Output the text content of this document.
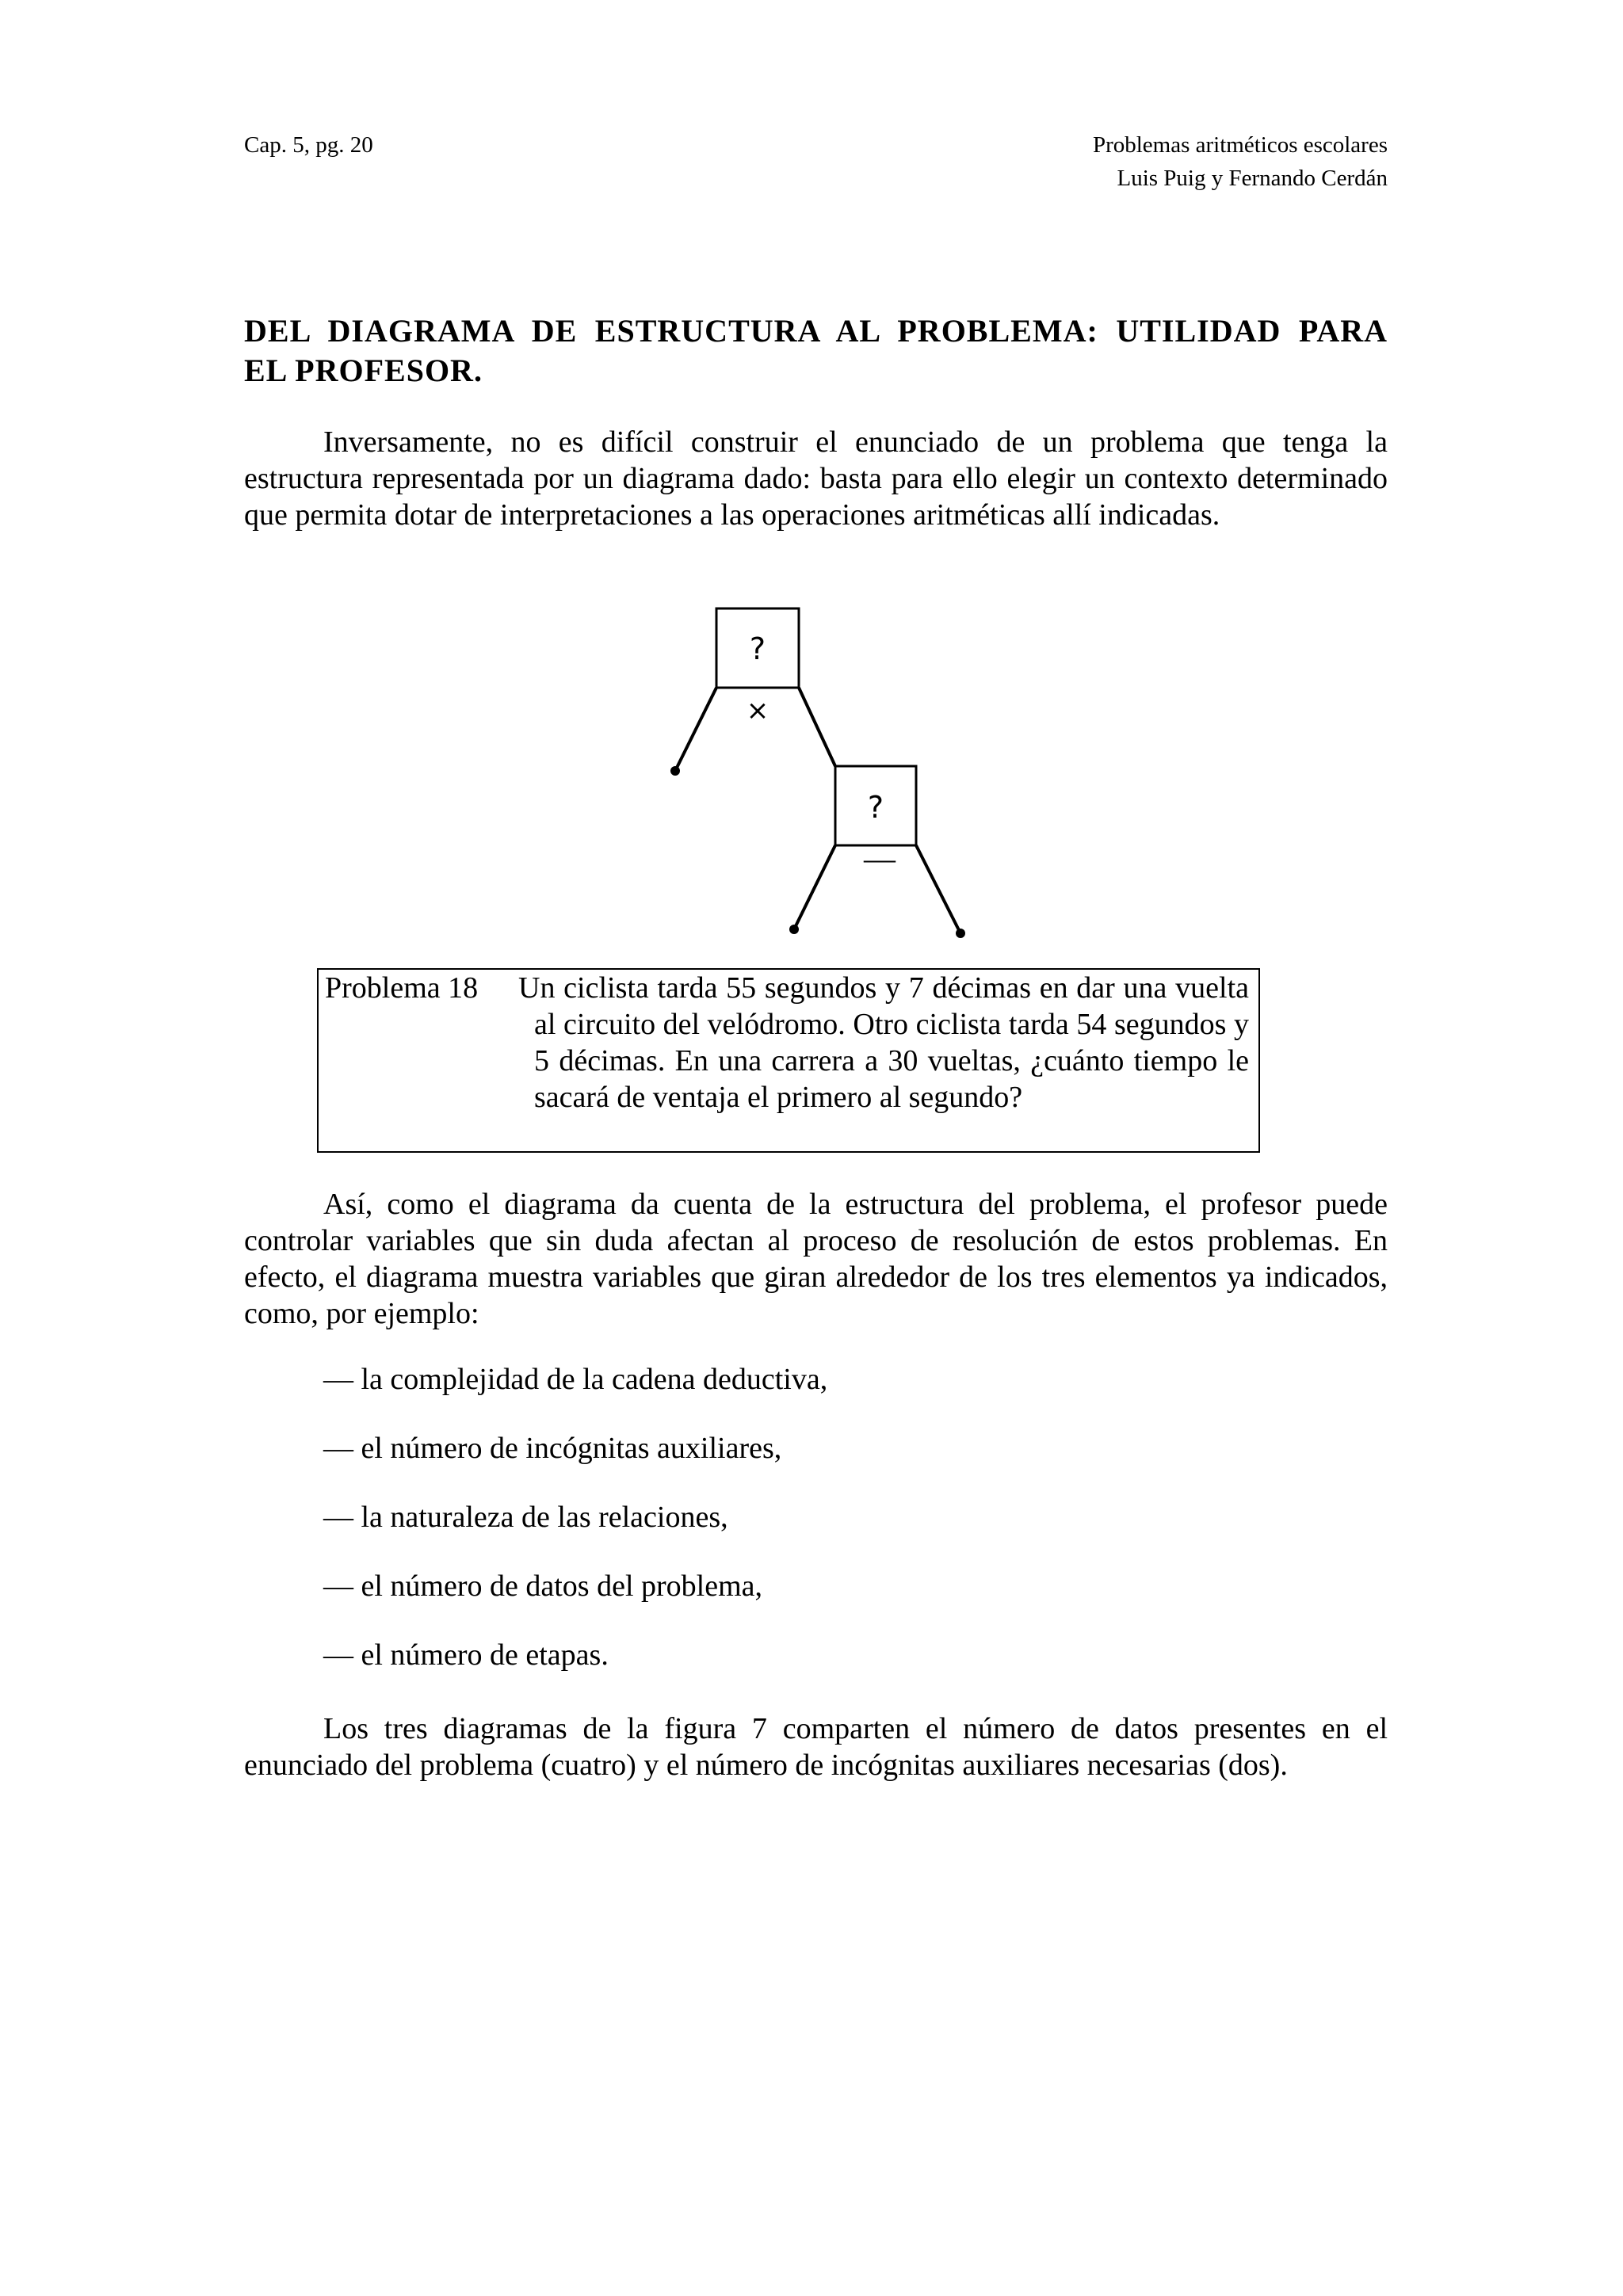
Cap. 5, pg. 20	Problemas aritméticos escolares
Luis Puig y Fernando Cerdán
DEL DIAGRAMA DE ESTRUCTURA AL PROBLEMA: UTILIDAD PARA
EL PROFESOR.

Inversamente, no es difícil construir el enunciado de un problema que tenga la estructura representada por un diagrama dado: basta para ello elegir un contexto determinado que permita dotar de interpretaciones a las operaciones aritméticas allí indicadas.

?
×
?
—
Problema 18 Un ciclista tarda 55 segundos y 7 décimas en dar una vuelta al circuito del velódromo. Otro ciclista tarda 54 segundos y 5 décimas. En una carrera a 30 vueltas, ¿cuánto tiempo le sacará de ventaja el primero al segundo?

Así, como el diagrama da cuenta de la estructura del problema, el profesor puede controlar variables que sin duda afectan al proceso de resolución de estos problemas. En efecto, el diagrama muestra variables que giran alrededor de los tres elementos ya indicados, como, por ejemplo:

— la complejidad de la cadena deductiva,
— el número de incógnitas auxiliares,
— la naturaleza de las relaciones,
— el número de datos del problema,
— el número de etapas.

Los tres diagramas de la figura 7 comparten el número de datos presentes en el enunciado del problema (cuatro) y el número de incógnitas auxiliares necesarias (dos).
